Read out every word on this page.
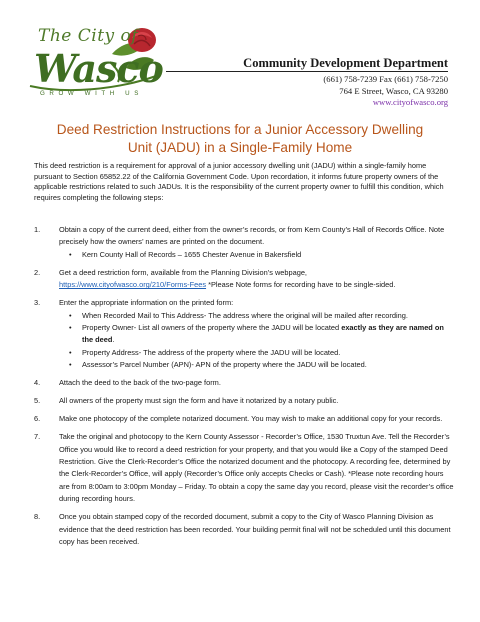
The City of
Wasco
GROW WITH US
Community Development Department
(661) 758-7239 Fax (661) 758-7250
764 E Street, Wasco, CA 93280
www.cityofwasco.org
Deed Restriction Instructions for a Junior Accessory Dwelling
Unit (JADU) in a Single-Family Home
This deed restriction is a requirement for approval of a junior accessory dwelling unit (JADU) within a single-family home pursuant to Section 65852.22 of the California Government Code. Upon recordation, it informs future property owners of the applicable restrictions related to such JADUs. It is the responsibility of the current property owner to fulfill this condition, which requires completing the following steps:
1.	Obtain a copy of the current deed, either from the owner’s records, or from Kern County’s Hall of Records Office. Note precisely how the owners’ names are printed on the document.
• Kern County Hall of Records – 1655 Chester Avenue in Bakersfield
2.	Get a deed restriction form, available from the Planning Division’s webpage,
https://www.cityofwasco.org/210/Forms-Fees *Please Note forms for recording have to be single-sided.
3.	Enter the appropriate information on the printed form:
• When Recorded Mail to This Address- The address where the original will be mailed after recording.
• Property Owner- List all owners of the property where the JADU will be located exactly as they are named on the deed.
• Property Address- The address of the property where the JADU will be located.
• Assessor’s Parcel Number (APN)- APN of the property where the JADU will be located.
4.	Attach the deed to the back of the two-page form.
5.	All owners of the property must sign the form and have it notarized by a notary public.
6.	Make one photocopy of the complete notarized document. You may wish to make an additional copy for your records.
7.	Take the original and photocopy to the Kern County Assessor - Recorder’s Office, 1530 Truxtun Ave. Tell the Recorder’s Office you would like to record a deed restriction for your property, and that you would like a Copy of the stamped Deed Restriction. Give the Clerk-Recorder’s Office the notarized document and the photocopy. A recording fee, determined by the Clerk-Recorder’s Office, will apply (Recorder’s Office only accepts Checks or Cash). *Please note recording hours are from 8:00am to 3:00pm Monday – Friday. To obtain a copy the same day you record, please visit the recorder’s office during recording hours.
8.	Once you obtain stamped copy of the recorded document, submit a copy to the City of Wasco Planning Division as evidence that the deed restriction has been recorded. Your building permit final will not be scheduled until this document copy has been received.
